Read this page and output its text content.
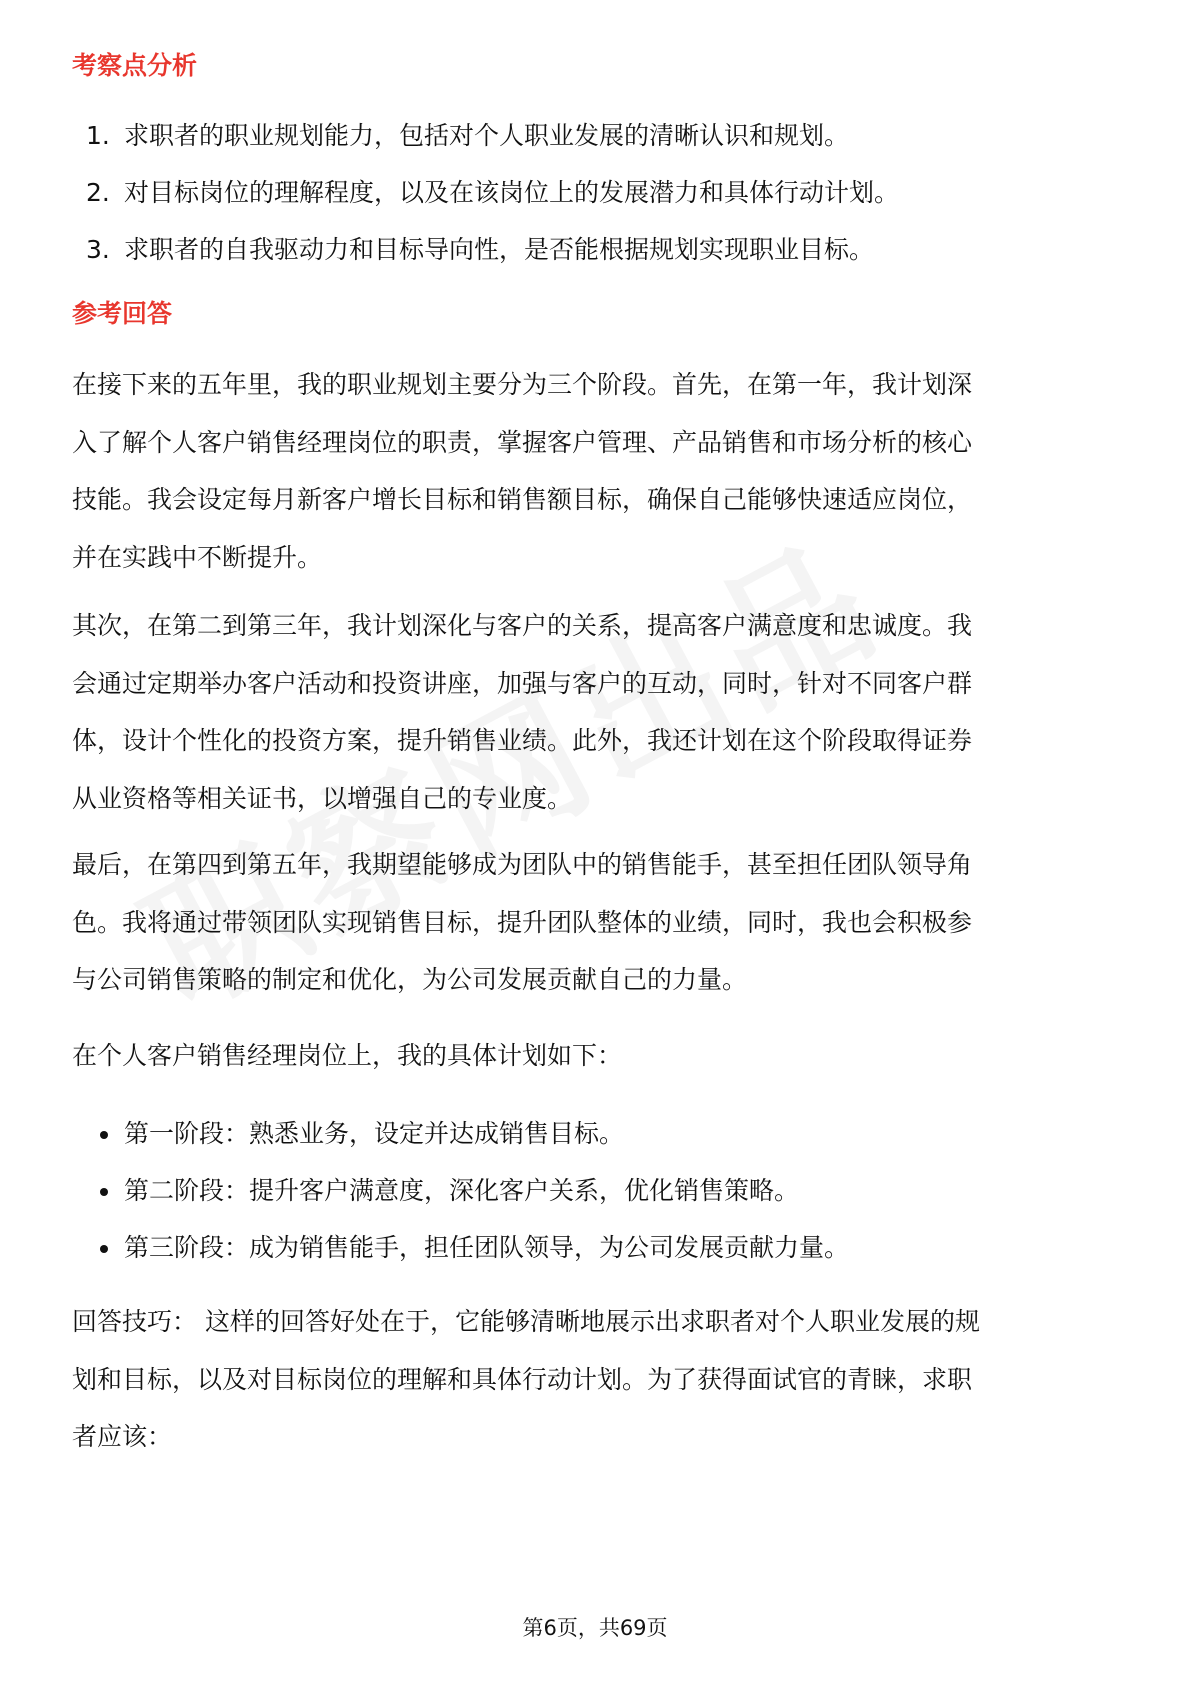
考察点分析
1. 求职者的职业规划能力，包括对个人职业发展的清晰认识和规划。
2. 对目标岗位的理解程度，以及在该岗位上的发展潜力和具体行动计划。
3. 求职者的自我驱动力和目标导向性，是否能根据规划实现职业目标。
参考回答

在接下来的五年里，我的职业规划主要分为三个阶段。首先，在第一年，我计划深
入了解个人客户销售经理岗位的职责，掌握客户管理、产品销售和市场分析的核心
技能。我会设定每月新客户增长目标和销售额目标，确保自己能够快速适应岗位，
并在实践中不断提升。

其次，在第二到第三年，我计划深化与客户的关系，提高客户满意度和忠诚度。我
会通过定期举办客户活动和投资讲座，加强与客户的互动，同时，针对不同客户群
体，设计个性化的投资方案，提升销售业绩。此外，我还计划在这个阶段取得证券
从业资格等相关证书，以增强自己的专业度。

最后，在第四到第五年，我期望能够成为团队中的销售能手，甚至担任团队领导角
色。我将通过带领团队实现销售目标，提升团队整体的业绩，同时，我也会积极参
与公司销售策略的制定和优化，为公司发展贡献自己的力量。

在个人客户销售经理岗位上，我的具体计划如下：

第一阶段：熟悉业务，设定并达成销售目标。
第二阶段：提升客户满意度，深化客户关系，优化销售策略。
第三阶段：成为销售能手，担任团队领导，为公司发展贡献力量。

回答技巧： 这样的回答好处在于，它能够清晰地展示出求职者对个人职业发展的规
划和目标，以及对目标岗位的理解和具体行动计划。为了获得面试官的青睐，求职
者应该：

第6页，共69页
